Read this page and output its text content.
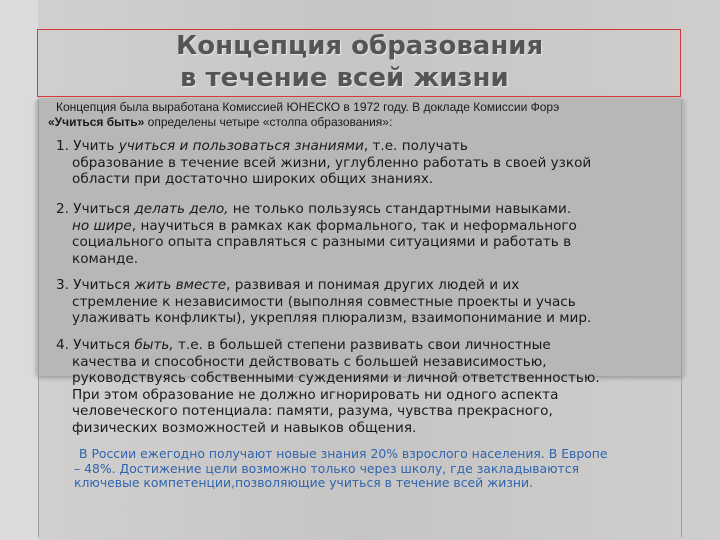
Концепция образования
в течение всей жизни
Концепция была выработана Комиссией ЮНЕСКО в 1972 году. В докладе Комиссии Форэ
«Учиться быть» определены четыре «столпа образования»:
1. Учить учиться и пользоваться знаниями, т.е. получать
образование в течение всей жизни, углубленно работать в своей узкой
области при достаточно широких общих знаниях.
2. Учиться делать дело, не только пользуясь стандартными навыками.
но шире, научиться в рамках как формального, так и неформального
социального опыта справляться с разными ситуациями и работать в
команде.
3. Учиться жить вместе, развивая и понимая других людей и их
стремление к независимости (выполняя совместные проекты и учась
улаживать конфликты), укрепляя плюрализм, взаимопонимание и мир.
4. Учиться быть, т.е. в большей степени развивать свои личностные
качества и способности действовать с большей независимостью,
руководствуясь собственными суждениями и личной ответственностью.
При этом образование не должно игнорировать ни одного аспекта
человеческого потенциала: памяти, разума, чувства прекрасного,
физических возможностей и навыков общения.
В России ежегодно получают новые знания 20% взрослого населения. В Европе
– 48%. Достижение цели возможно только через школу, где закладываются
ключевые компетенции,позволяющие учиться в течение всей жизни.
